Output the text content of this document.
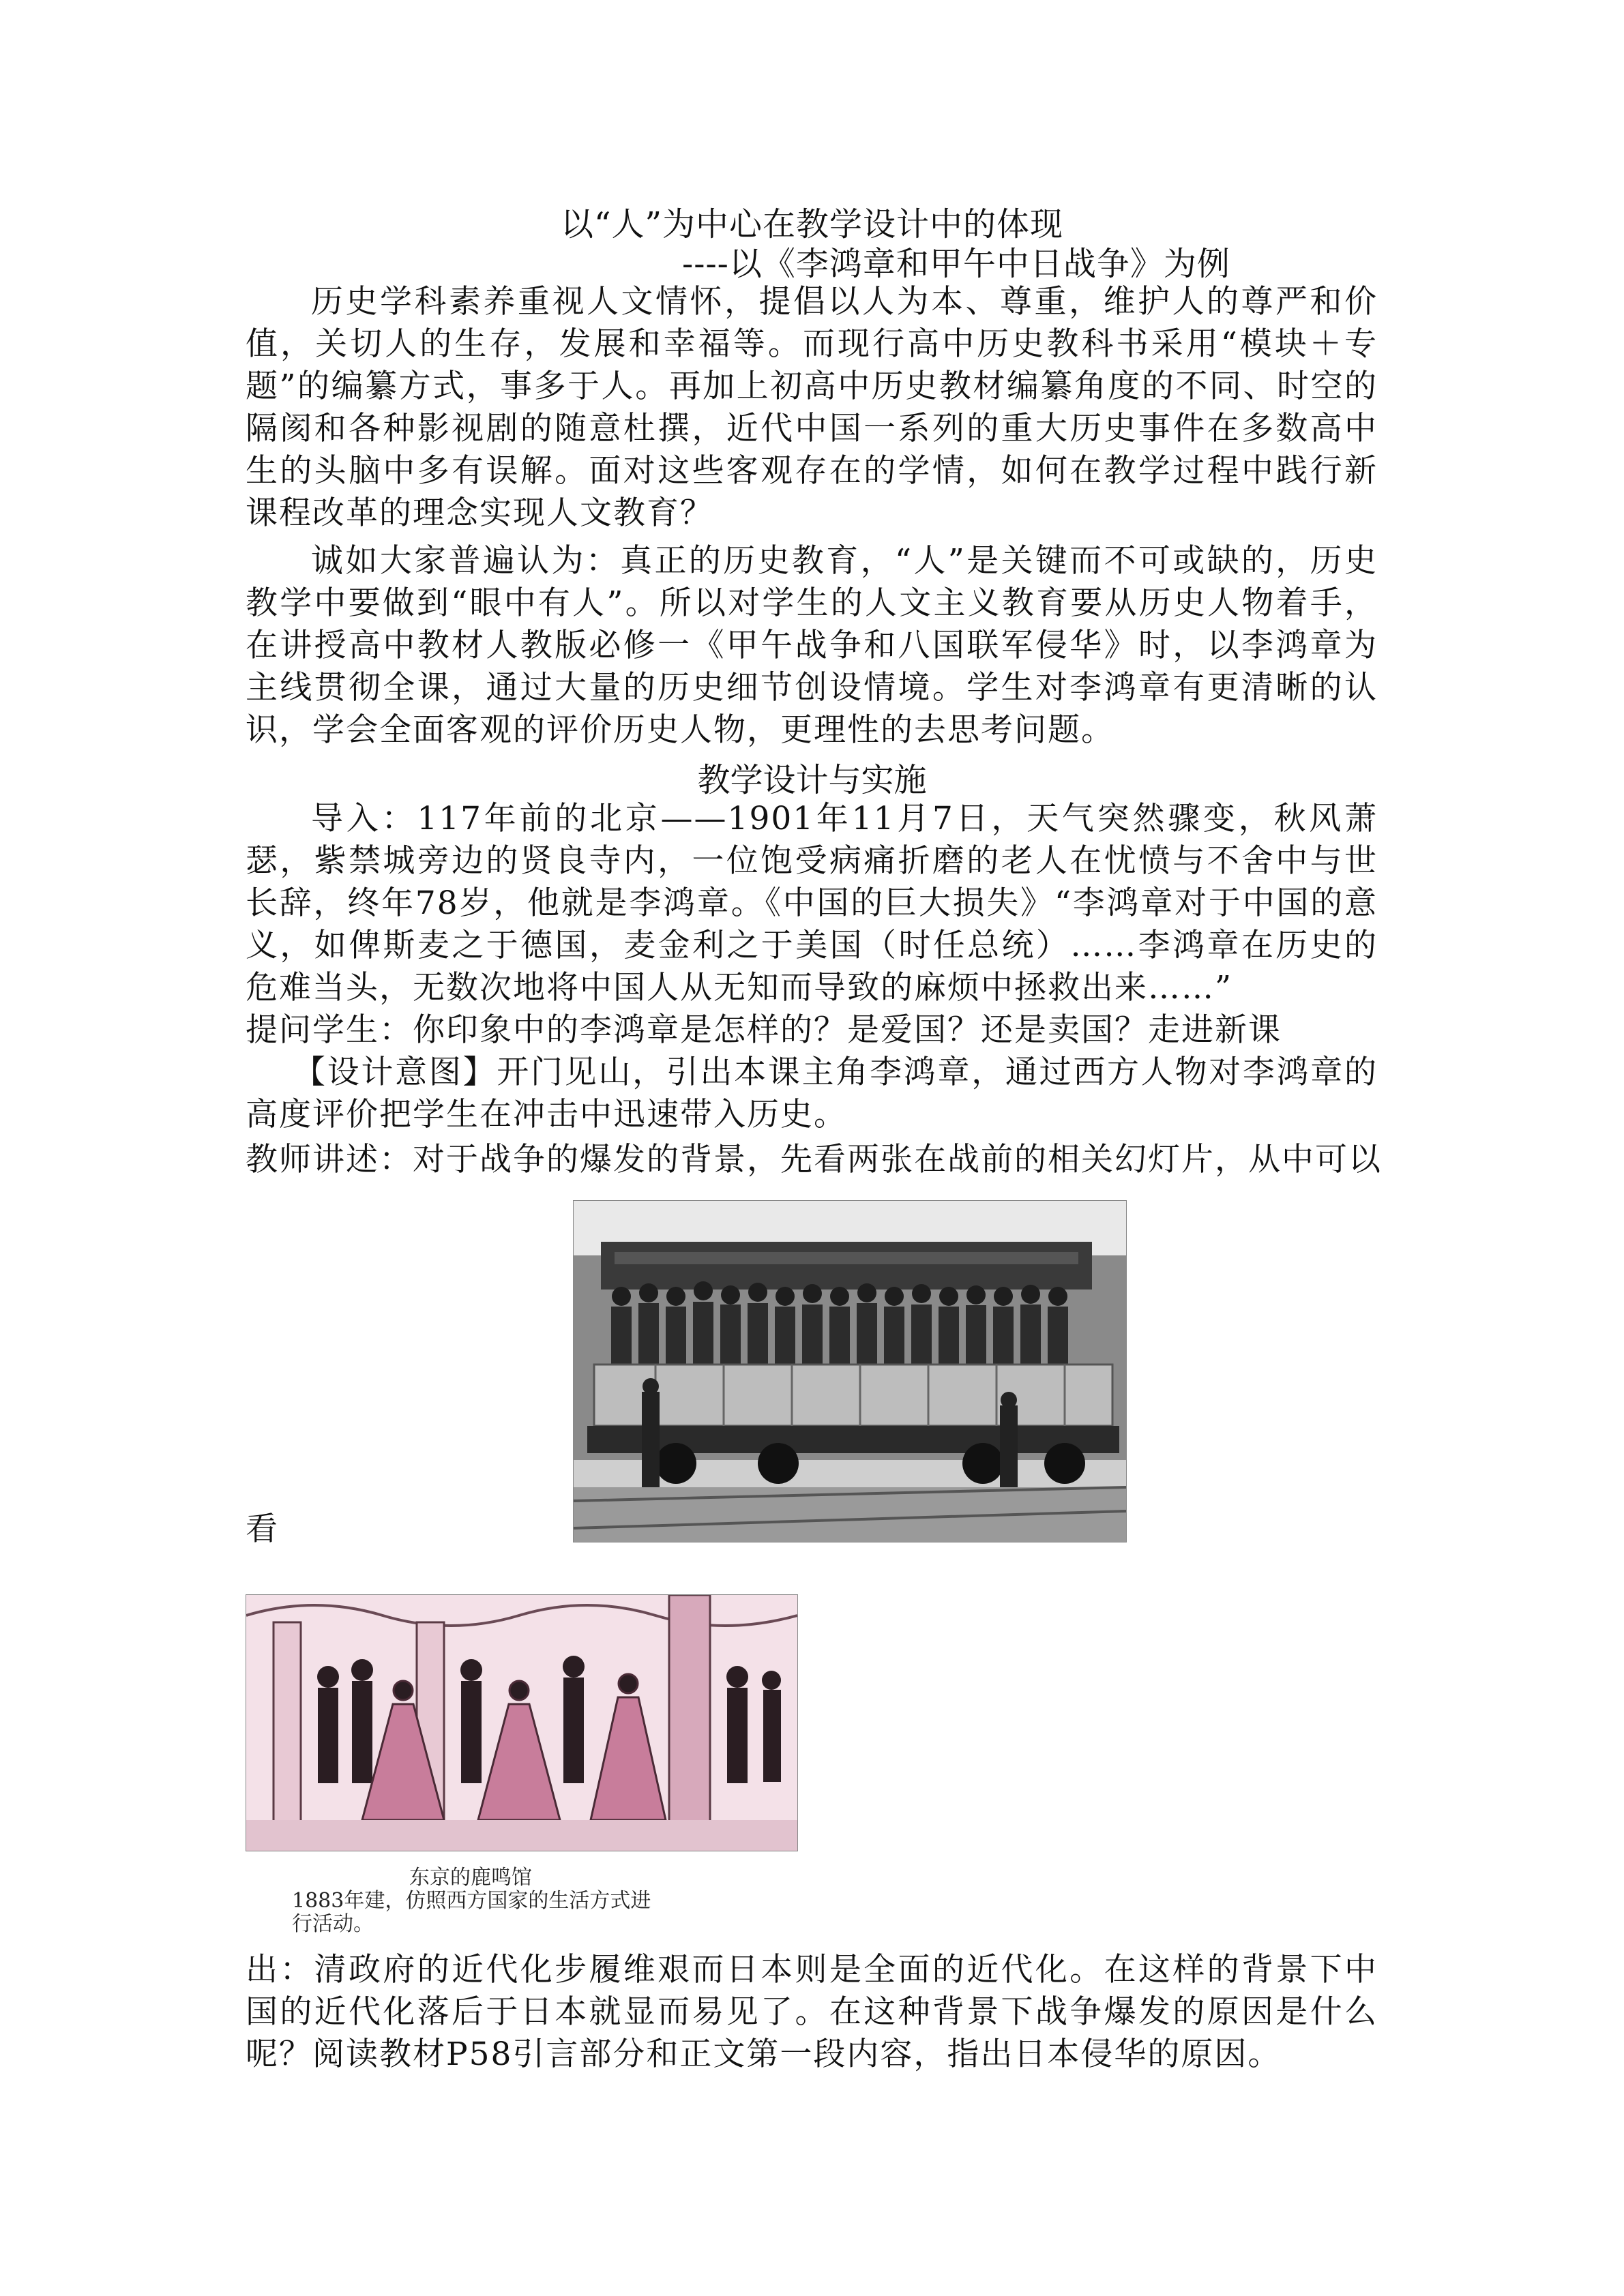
以“人”为中心在教学设计中的体现
----以《李鸿章和甲午中日战争》为例
历史学科素养重视人文情怀，提倡以人为本、尊重，维护人的尊严和价值，关切人的生存，发展和幸福等。而现行高中历史教科书采用“模块＋专题”的编纂方式，事多于人。再加上初高中历史教材编纂角度的不同、时空的隔阂和各种影视剧的随意杜撰，近代中国一系列的重大历史事件在多数高中生的头脑中多有误解。面对这些客观存在的学情，如何在教学过程中践行新课程改革的理念实现人文教育？
诚如大家普遍认为：真正的历史教育，“人”是关键而不可或缺的，历史教学中要做到“眼中有人”。所以对学生的人文主义教育要从历史人物着手，在讲授高中教材人教版必修一《甲午战争和八国联军侵华》时，以李鸿章为主线贯彻全课，通过大量的历史细节创设情境。学生对李鸿章有更清晰的认识，学会全面客观的评价历史人物，更理性的去思考问题。
教学设计与实施
导入：117年前的北京——1901年11月7日，天气突然骤变，秋风萧瑟，紫禁城旁边的贤良寺内，一位饱受病痛折磨的老人在忧愤与不舍中与世长辞，终年78岁，他就是李鸿章。《中国的巨大损失》“李鸿章对于中国的意义，如俾斯麦之于德国，麦金利之于美国（时任总统）……李鸿章在历史的危难当头，无数次地将中国人从无知而导致的麻烦中拯救出来……”
提问学生：你印象中的李鸿章是怎样的？是爱国？还是卖国？走进新课
【设计意图】开门见山，引出本课主角李鸿章，通过西方人物对李鸿章的高度评价把学生在冲击中迅速带入历史。
教师讲述：对于战争的爆发的背景，先看两张在战前的相关幻灯片，从中可以
看
东京的鹿鸣馆
1883年建，仿照西方国家的生活方式进
行活动。
出：清政府的近代化步履维艰而日本则是全面的近代化。在这样的背景下中国的近代化落后于日本就显而易见了。在这种背景下战争爆发的原因是什么呢？阅读教材P58引言部分和正文第一段内容，指出日本侵华的原因。
